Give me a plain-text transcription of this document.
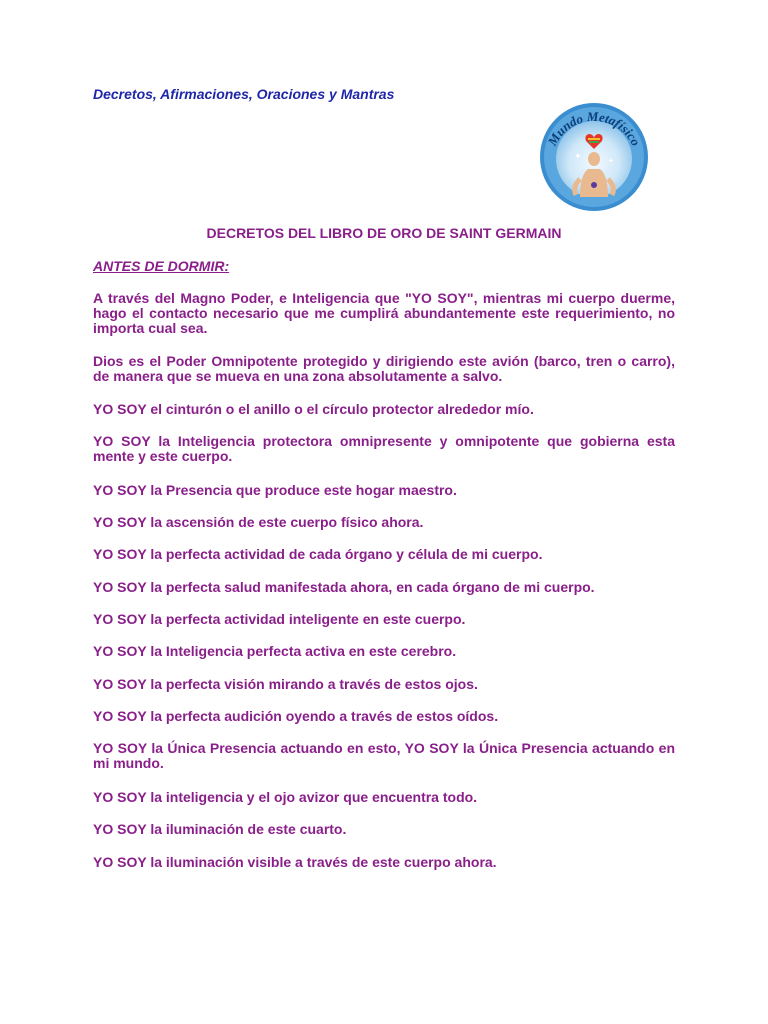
Decretos, Afirmaciones, Oraciones y Mantras
Mundo Metafísico
✦	✦
DECRETOS DEL LIBRO DE ORO DE SAINT GERMAIN
ANTES DE DORMIR:

A través del Magno Poder, e Inteligencia que "YO SOY", mientras mi cuerpo duerme, hago el contacto necesario que me cumplirá abundantemente este requerimiento, no importa cual sea.

Dios es el Poder Omnipotente protegido y dirigiendo este avión (barco, tren o carro), de manera que se mueva en una zona absolutamente a salvo.

YO SOY el cinturón o el anillo o el círculo protector alrededor mío.

YO SOY la Inteligencia protectora omnipresente y omnipotente que gobierna esta mente y este cuerpo.

YO SOY la Presencia que produce este hogar maestro.

YO SOY la ascensión de este cuerpo físico ahora.

YO SOY la perfecta actividad de cada órgano y célula de mi cuerpo.

YO SOY la perfecta salud manifestada ahora, en cada órgano de mi cuerpo.

YO SOY la perfecta actividad inteligente en este cuerpo.

YO SOY la Inteligencia perfecta activa en este cerebro.

YO SOY la perfecta visión mirando a través de estos ojos.

YO SOY la perfecta audición oyendo a través de estos oídos.

YO SOY la Única Presencia actuando en esto, YO SOY la Única Presencia actuando en mi mundo.

YO SOY la inteligencia y el ojo avizor que encuentra todo.

YO SOY la iluminación de este cuarto.

YO SOY la iluminación visible a través de este cuerpo ahora.
